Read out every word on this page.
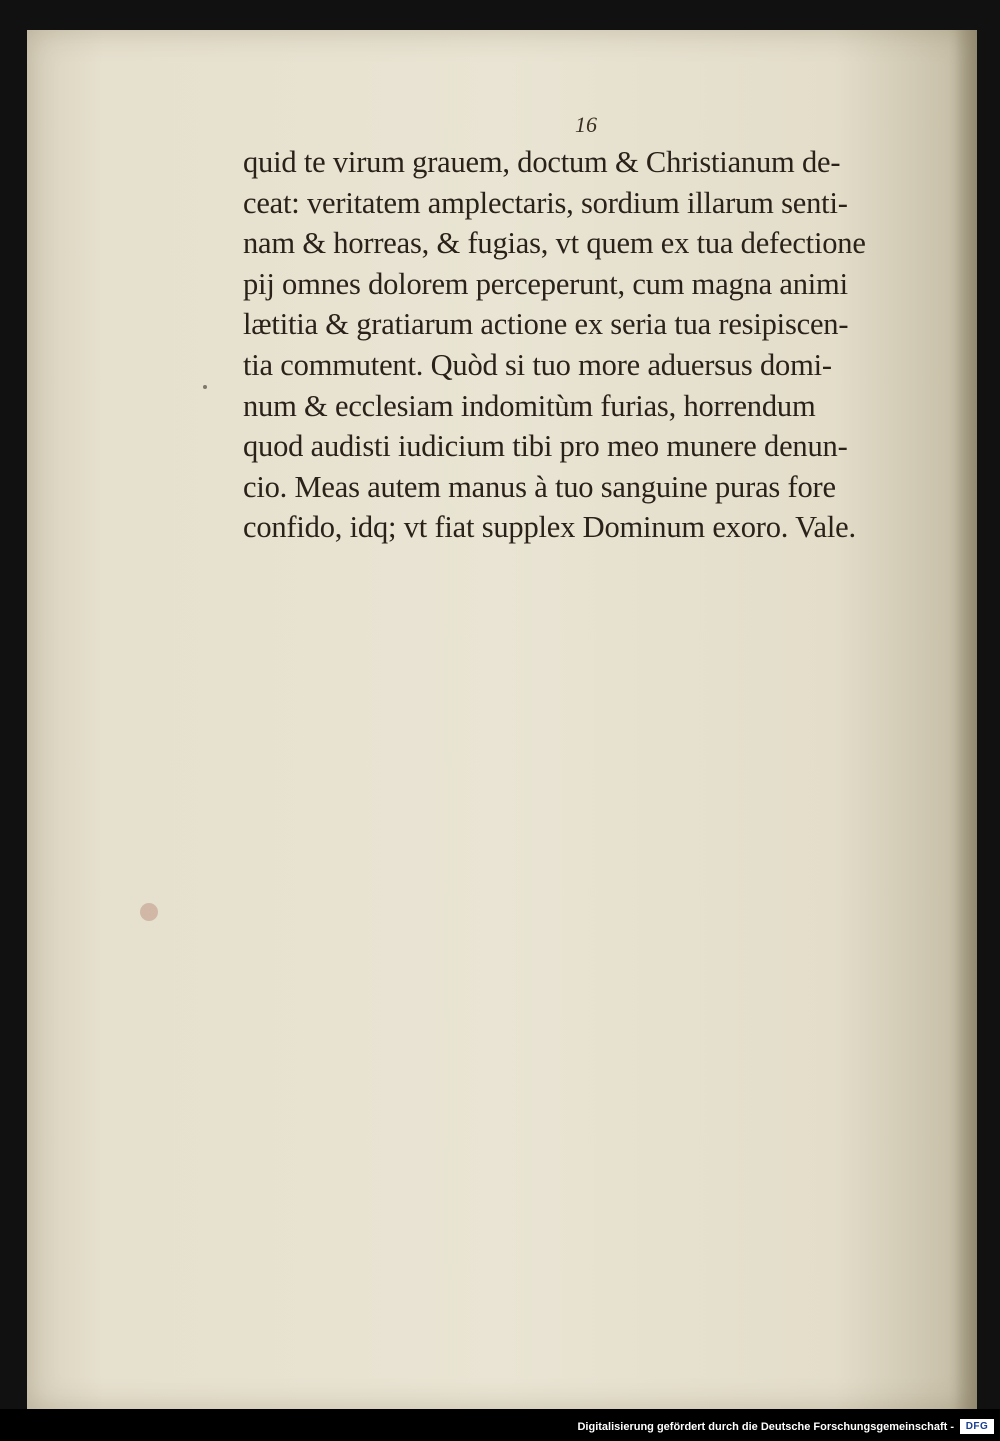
16
quid te virum grauem, doctum & Christianum de-
ceat: veritatem amplectaris, sordium illarum senti-
nam & horreas, & fugias, vt quem ex tua defectione
pij omnes dolorem perceperunt, cum magna animi
lætitia & gratiarum actione ex seria tua resipiscen-
tia commutent. Quòd si tuo more aduersus domi-
num & ecclesiam indomitùm furias, horrendum
quod audisti iudicium tibi pro meo munere denun-
cio. Meas autem manus à tuo sanguine puras fore
confido, idq; vt fiat supplex Dominum exoro. Vale.
Digitalisierung gefördert durch die Deutsche Forschungsgemeinschaft -	DFG
